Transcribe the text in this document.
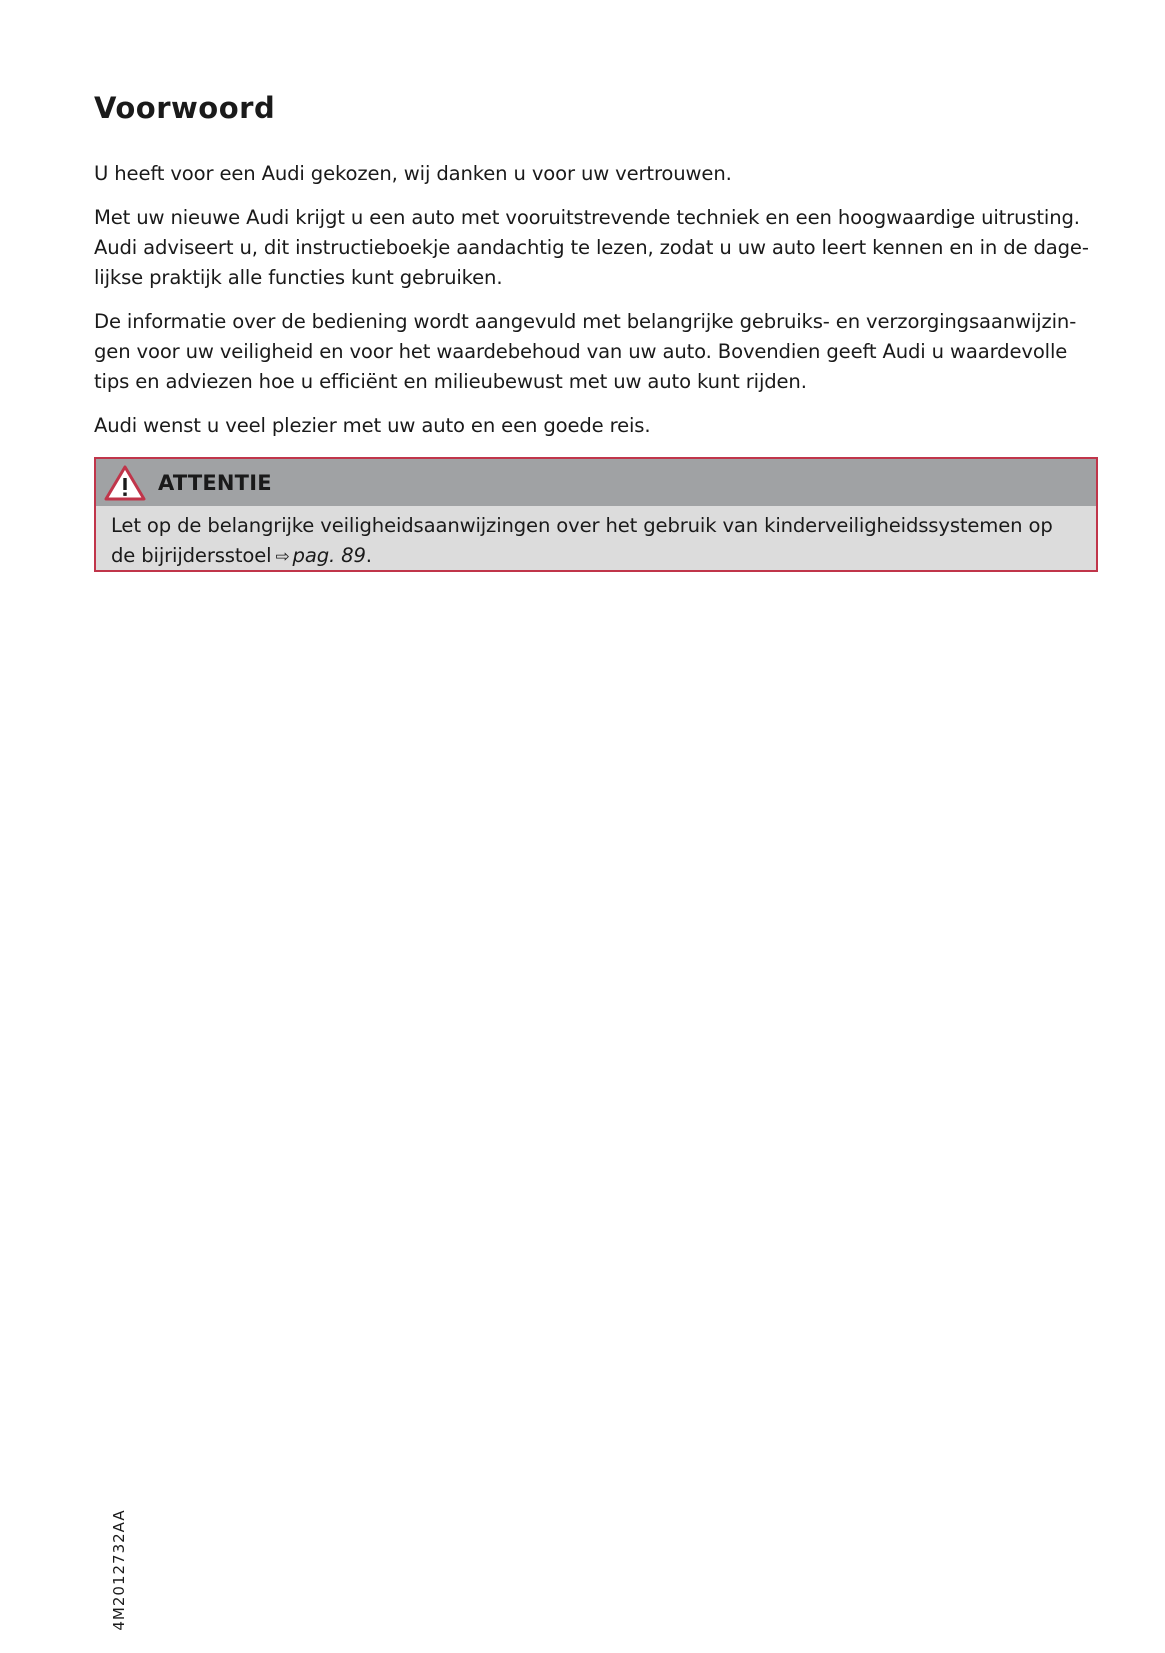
Voorwoord

U heeft voor een Audi gekozen, wij danken u voor uw vertrouwen.

Met uw nieuwe Audi krijgt u een auto met vooruitstrevende techniek en een hoogwaardige uitrusting. Audi adviseert u, dit instructieboekje aandachtig te lezen, zodat u uw auto leert kennen en in de dagelijkse praktijk alle functies kunt gebruiken.

De informatie over de bediening wordt aangevuld met belangrijke gebruiks- en verzorgingsaanwijzingen voor uw veiligheid en voor het waardebehoud van uw auto. Bovendien geeft Audi u waardevolle tips en adviezen hoe u efficiënt en milieubewust met uw auto kunt rijden.

Audi wenst u veel plezier met uw auto en een goede reis.

ATTENTIE

Let op de belangrijke veiligheidsaanwijzingen over het gebruik van kinderveiligheidssystemen op de bijrijdersstoel ⇨ pag. 89.

4M2012732AA
